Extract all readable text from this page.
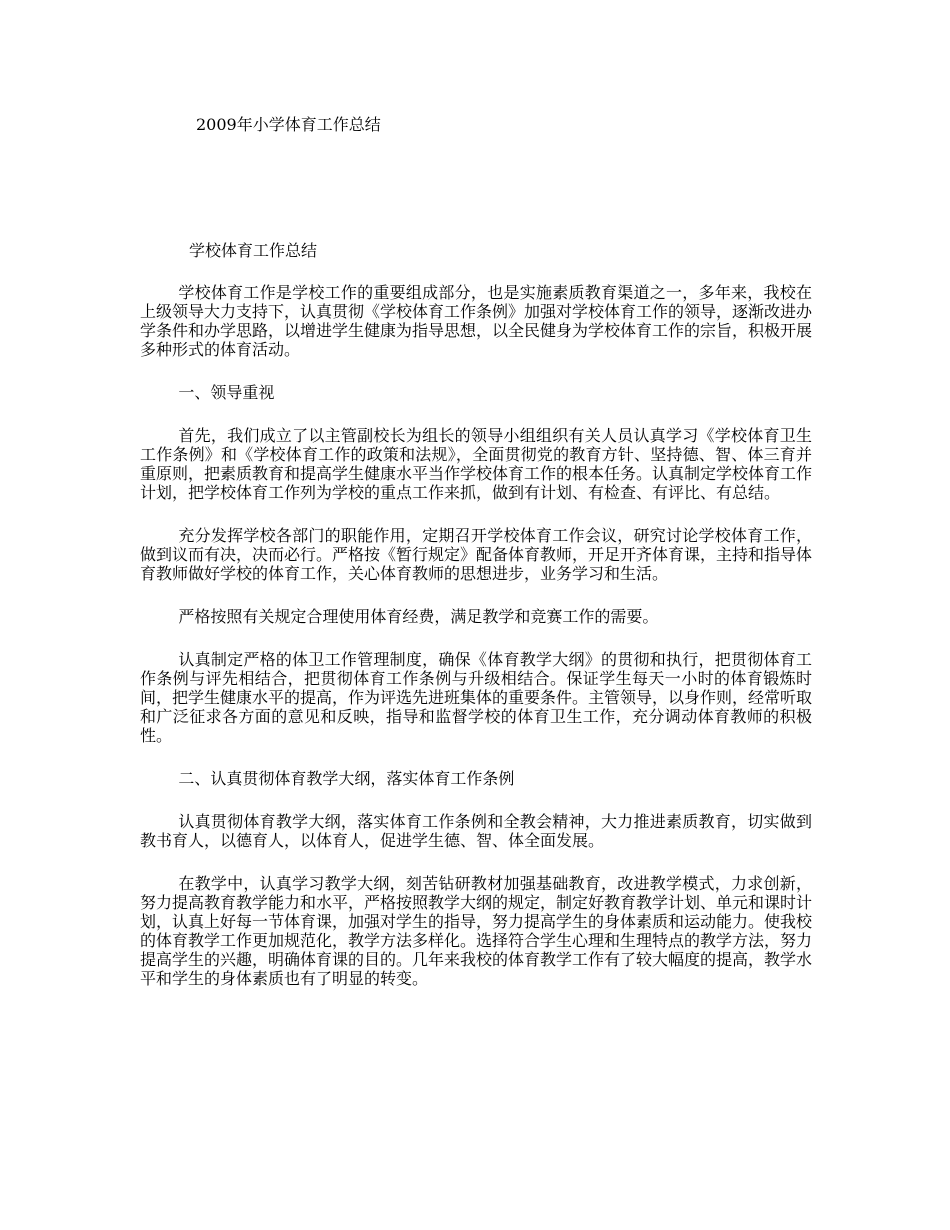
2009年小学体育工作总结
学校体育工作总结

学校体育工作是学校工作的重要组成部分，也是实施素质教育渠道之一，多年来，我校在上级领导大力支持下，认真贯彻《学校体育工作条例》加强对学校体育工作的领导，逐渐改进办学条件和办学思路，以增进学生健康为指导思想，以全民健身为学校体育工作的宗旨，积极开展多种形式的体育活动。

一、领导重视

首先，我们成立了以主管副校长为组长的领导小组组织有关人员认真学习《学校体育卫生工作条例》和《学校体育工作的政策和法规》，全面贯彻党的教育方针、坚持德、智、体三育并重原则，把素质教育和提高学生健康水平当作学校体育工作的根本任务。认真制定学校体育工作计划，把学校体育工作列为学校的重点工作来抓，做到有计划、有检查、有评比、有总结。

充分发挥学校各部门的职能作用，定期召开学校体育工作会议，研究讨论学校体育工作，做到议而有决，决而必行。严格按《暂行规定》配备体育教师，开足开齐体育课，主持和指导体育教师做好学校的体育工作，关心体育教师的思想进步，业务学习和生活。

严格按照有关规定合理使用体育经费，满足教学和竞赛工作的需要。

认真制定严格的体卫工作管理制度，确保《体育教学大纲》的贯彻和执行，把贯彻体育工作条例与评先相结合，把贯彻体育工作条例与升级相结合。保证学生每天一小时的体育锻炼时间，把学生健康水平的提高，作为评选先进班集体的重要条件。主管领导，以身作则，经常听取和广泛征求各方面的意见和反映，指导和监督学校的体育卫生工作，充分调动体育教师的积极性。

二、认真贯彻体育教学大纲，落实体育工作条例

认真贯彻体育教学大纲，落实体育工作条例和全教会精神，大力推进素质教育，切实做到教书育人，以德育人，以体育人，促进学生德、智、体全面发展。

在教学中，认真学习教学大纲，刻苦钻研教材加强基础教育，改进教学模式，力求创新，努力提高教育教学能力和水平，严格按照教学大纲的规定，制定好教育教学计划、单元和课时计划，认真上好每一节体育课，加强对学生的指导，努力提高学生的身体素质和运动能力。使我校的体育教学工作更加规范化，教学方法多样化。选择符合学生心理和生理特点的教学方法，努力提高学生的兴趣，明确体育课的目的。几年来我校的体育教学工作有了较大幅度的提高，教学水平和学生的身体素质也有了明显的转变。
